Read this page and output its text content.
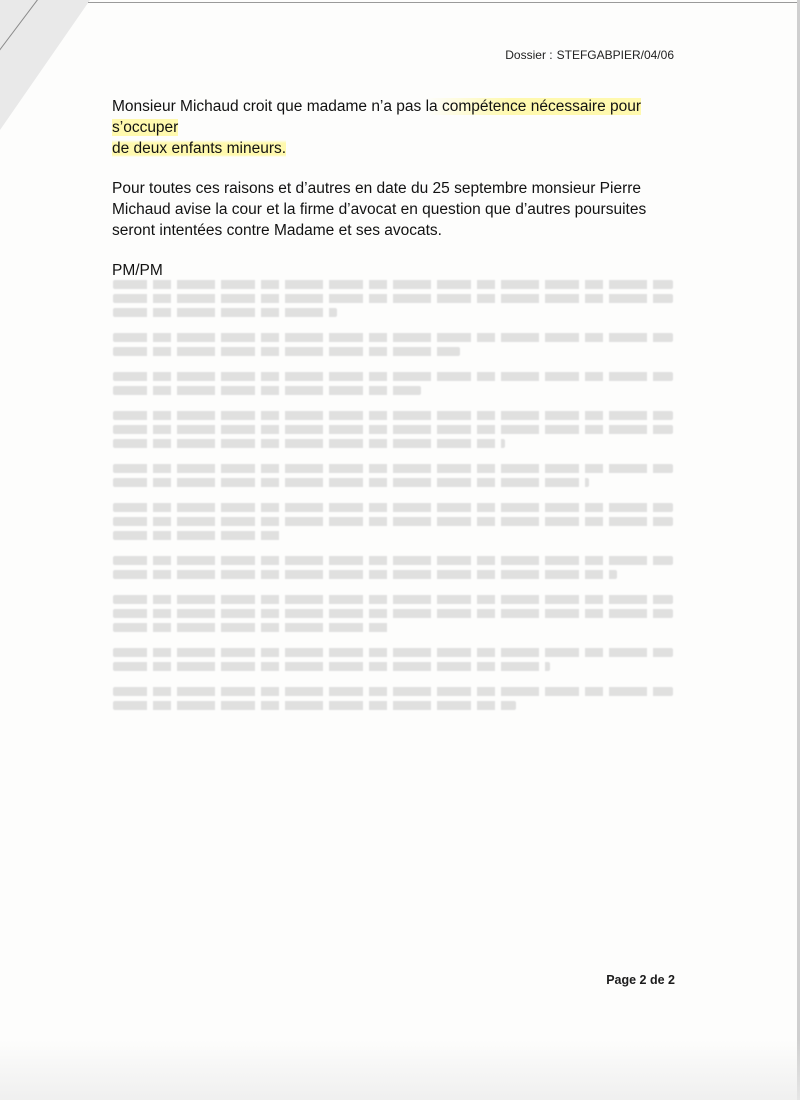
Dossier : STEFGABPIER/04/06

Monsieur Michaud croit que madame n’a pas la compétence nécessaire pour s’occuper
de deux enfants mineurs.

Pour toutes ces raisons et d’autres en date du 25 septembre monsieur Pierre Michaud avise la cour et la firme d’avocat en question que d’autres poursuites seront intentées contre Madame et ses avocats.

PM/PM

Page 2 de 2
